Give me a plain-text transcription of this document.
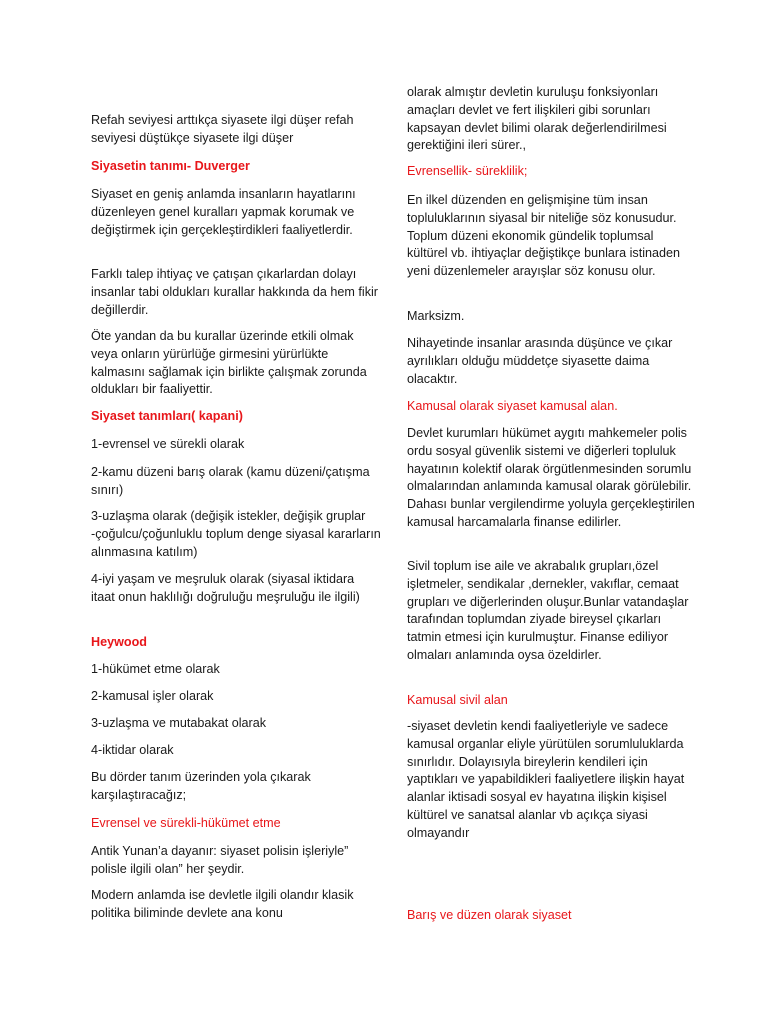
Refah seviyesi arttıkça siyasete ilgi düşer refah seviyesi düştükçe siyasete ilgi düşer

Siyasetin tanımı- Duverger

Siyaset en geniş anlamda insanların hayatlarını düzenleyen genel kuralları yapmak korumak ve değiştirmek için gerçekleştirdikleri faaliyetlerdir.

Farklı talep ihtiyaç ve çatışan çıkarlardan dolayı insanlar tabi oldukları kurallar hakkında da hem fikir değillerdir.

Öte yandan da bu kurallar üzerinde etkili olmak veya onların yürürlüğe girmesini yürürlükte kalmasını sağlamak için birlikte çalışmak zorunda oldukları bir faaliyettir.

Siyaset tanımları( kapani)

1-evrensel ve sürekli olarak

2-kamu düzeni barış olarak (kamu düzeni/çatışma sınırı)

3-uzlaşma olarak (değişik istekler, değişik gruplar -çoğulcu/çoğunluklu toplum denge siyasal kararların alınmasına katılım)

4-iyi yaşam ve meşruluk olarak (siyasal iktidara itaat onun haklılığı doğruluğu meşruluğu ile ilgili)

Heywood

1-hükümet etme olarak

2-kamusal işler olarak

3-uzlaşma ve mutabakat olarak

4-iktidar olarak

Bu dörder tanım üzerinden yola çıkarak karşılaştıracağız;

Evrensel ve sürekli-hükümet etme

Antik Yunan’a dayanır: siyaset polisin işleriyle” polisle ilgili olan” her şeydir.

Modern anlamda ise devletle ilgili olandır klasik politika biliminde devlete ana konu

olarak almıştır devletin kuruluşu fonksiyonları amaçları devlet ve fert ilişkileri gibi sorunları kapsayan devlet bilimi olarak değerlendirilmesi gerektiğini ileri sürer.,

Evrensellik- süreklilik;

En ilkel düzenden en gelişmişine tüm insan topluluklarının siyasal bir niteliğe söz konusudur. Toplum düzeni ekonomik gündelik toplumsal kültürel vb. ihtiyaçlar değiştikçe bunlara istinaden yeni düzenlemeler arayışlar söz konusu olur.

Marksizm.

Nihayetinde insanlar arasında düşünce ve çıkar ayrılıkları olduğu müddetçe siyasette daima olacaktır.

Kamusal olarak siyaset kamusal alan.

Devlet kurumları hükümet aygıtı mahkemeler polis ordu sosyal güvenlik sistemi ve diğerleri topluluk hayatının kolektif olarak örgütlenmesinden sorumlu olmalarından anlamında kamusal olarak görülebilir. Dahası bunlar vergilendirme yoluyla gerçekleştirilen kamusal harcamalarla finanse edilirler.

Sivil toplum ise aile ve akrabalık grupları,özel işletmeler, sendikalar ,dernekler, vakıflar, cemaat grupları ve diğerlerinden oluşur.Bunlar vatandaşlar tarafından toplumdan ziyade bireysel çıkarları tatmin etmesi için kurulmuştur. Finanse ediliyor olmaları anlamında oysa özeldirler.

Kamusal sivil alan

-siyaset devletin kendi faaliyetleriyle ve sadece kamusal organlar eliyle yürütülen sorumluluklarda sınırlıdır. Dolayısıyla bireylerin kendileri için yaptıkları ve yapabildikleri faaliyetlere ilişkin hayat alanlar iktisadi sosyal ev hayatına ilişkin kişisel kültürel ve sanatsal alanlar vb açıkça siyasi olmayandır

Barış ve düzen olarak siyaset
